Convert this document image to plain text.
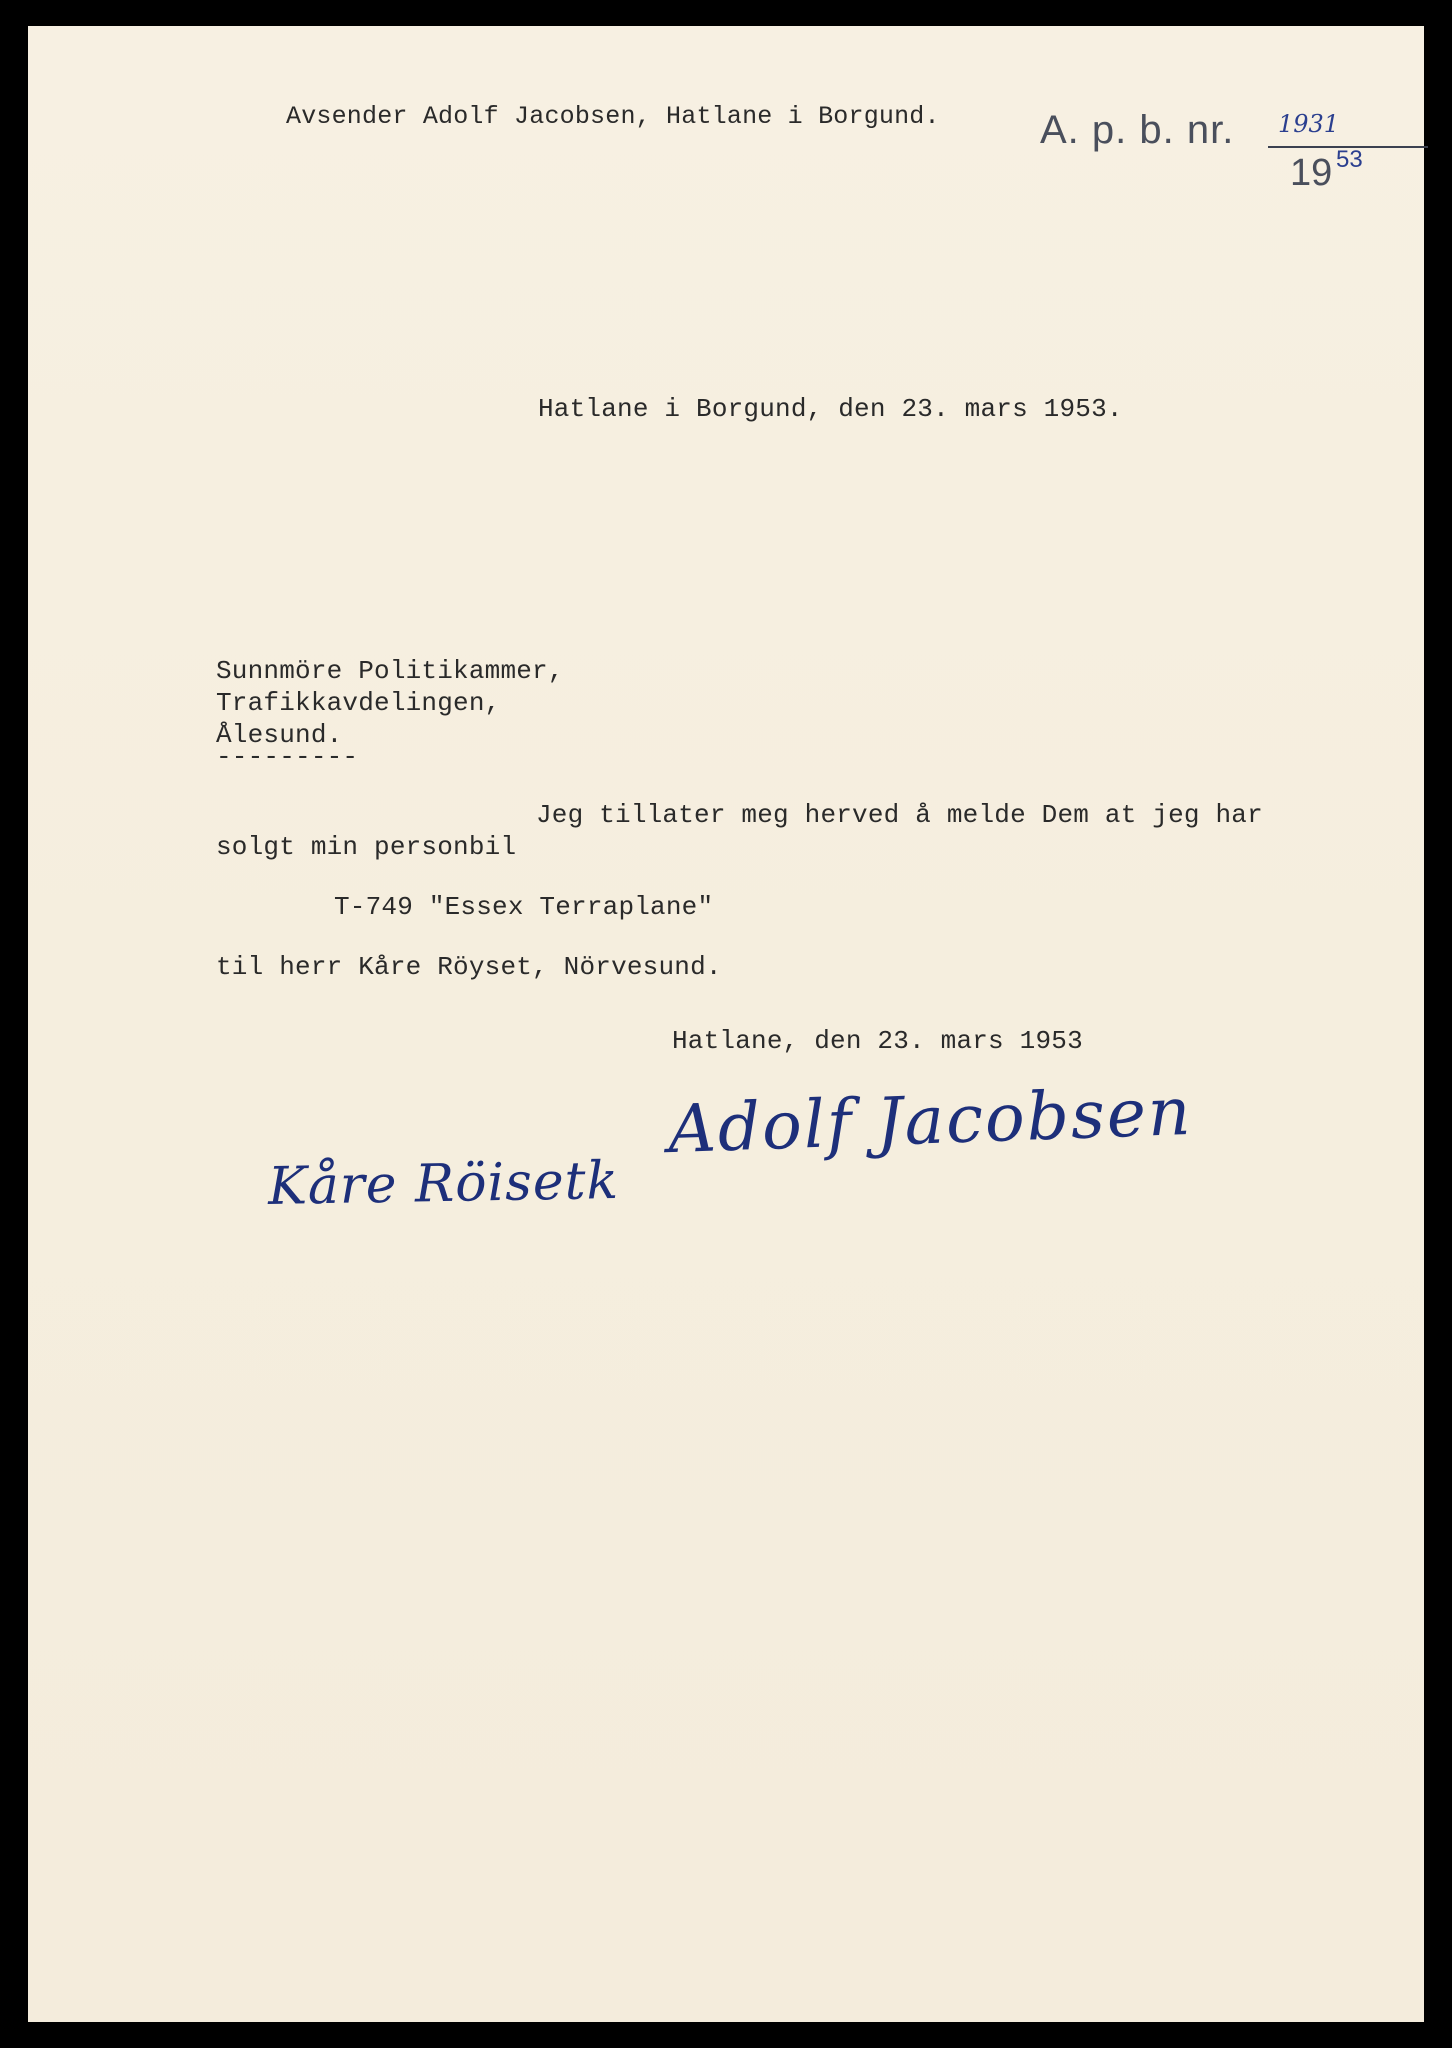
Avsender Adolf Jacobsen, Hatlane i Borgund.	A. p. b. nr. 1931
19 53
Hatlane i Borgund, den 23. mars 1953.
Sunnmöre Politikammer,
Trafikkavdelingen,
Ålesund.
---------
Jeg tillater meg herved å melde Dem at jeg har
solgt min personbil
T-749 "Essex Terraplane"
til herr Kåre Röyset, Nörvesund.
Hatlane, den 23. mars 1953
Adolf Jacobsen
Kåre Röisetk
